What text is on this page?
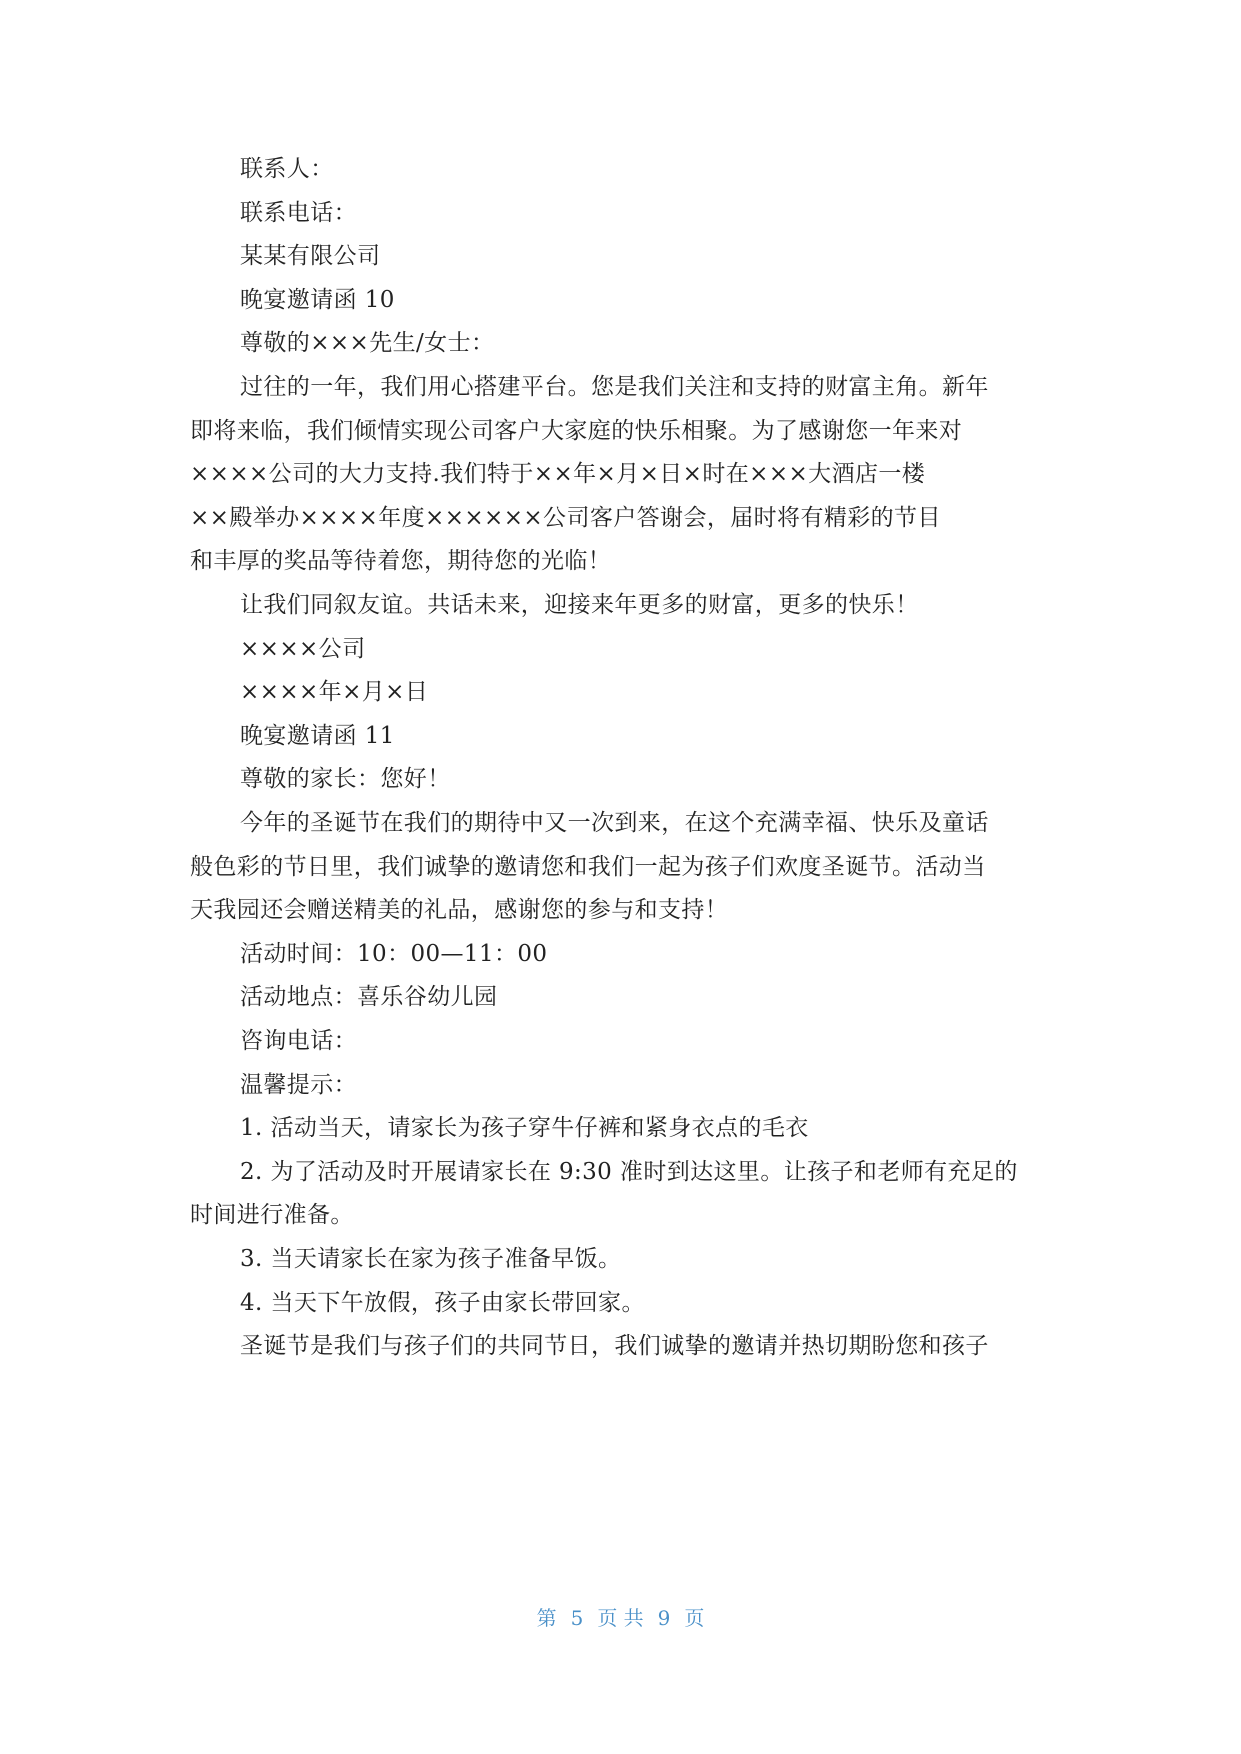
联系人：
联系电话：
某某有限公司
晚宴邀请函 10
尊敬的×××先生/女士：
过往的一年，我们用心搭建平台。您是我们关注和支持的财富主角。新年
即将来临，我们倾情实现公司客户大家庭的快乐相聚。为了感谢您一年来对
××××公司的大力支持.我们特于××年×月×日×时在×××大酒店一楼
××殿举办××××年度××××××公司客户答谢会，届时将有精彩的节目
和丰厚的奖品等待着您，期待您的光临！
让我们同叙友谊。共话未来，迎接来年更多的财富，更多的快乐！
××××公司
××××年×月×日
晚宴邀请函 11
尊敬的家长：您好！
今年的圣诞节在我们的期待中又一次到来，在这个充满幸福、快乐及童话
般色彩的节日里，我们诚挚的邀请您和我们一起为孩子们欢度圣诞节。活动当
天我园还会赠送精美的礼品，感谢您的参与和支持！
活动时间：10：00—11：00
活动地点：喜乐谷幼儿园
咨询电话：
温馨提示：
1. 活动当天，请家长为孩子穿牛仔裤和紧身衣点的毛衣
2. 为了活动及时开展请家长在 9:30 准时到达这里。让孩子和老师有充足的
时间进行准备。
3. 当天请家长在家为孩子准备早饭。
4. 当天下午放假，孩子由家长带回家。
圣诞节是我们与孩子们的共同节日，我们诚挚的邀请并热切期盼您和孩子
第 5 页 共 9 页
